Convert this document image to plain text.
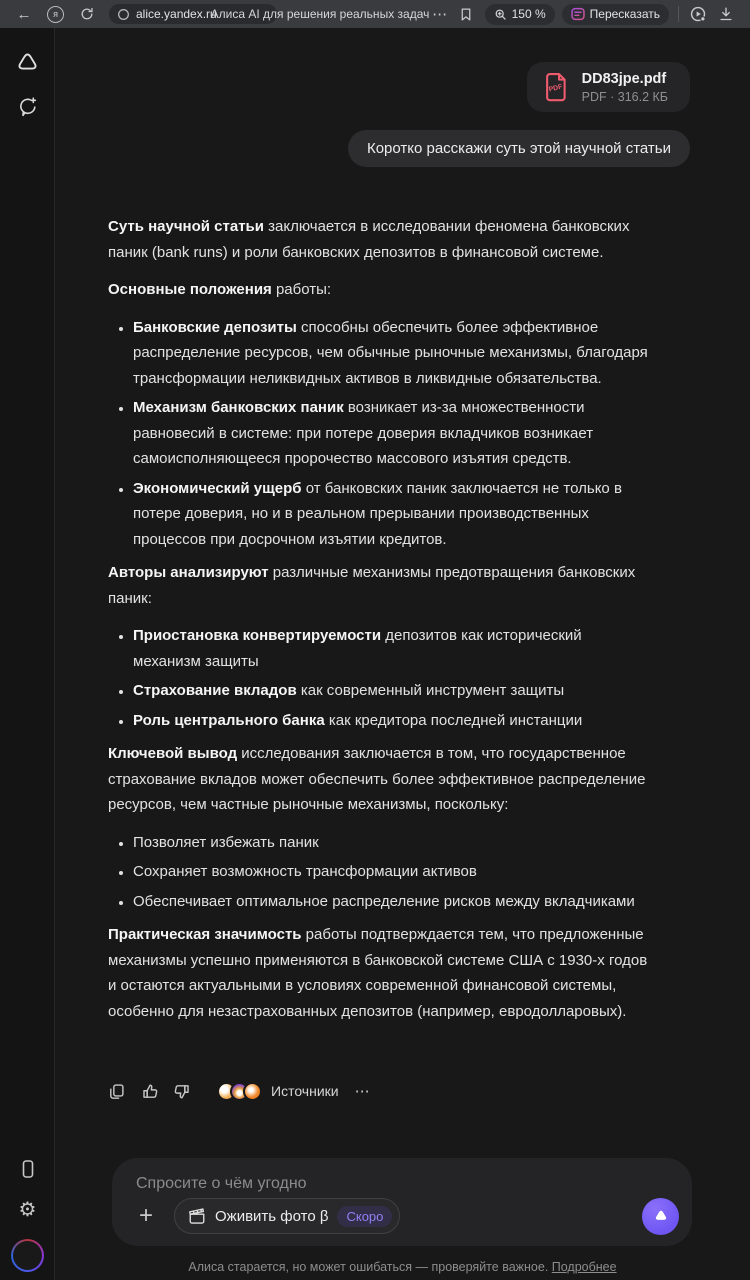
←	я	alice.yandex.ru
Алиса AI для решения реальных задач ⋯	150 %	Пересказать
⚙
PDF
DD83jpe.pdf
PDF · 316.2 КБ
Коротко расскажи суть этой научной статьи

Суть научной статьи заключается в исследовании феномена банковских паник (bank runs) и роли банковских депозитов в финансовой системе.

Основные положения работы:

• Банковские депозиты способны обеспечить более эффективное распределение ресурсов, чем обычные рыночные механизмы, благодаря трансформации неликвидных активов в ликвидные обязательства.
• Механизм банковских паник возникает из-за множественности равновесий в системе: при потере доверия вкладчиков возникает самоисполняющееся пророчество массового изъятия средств.
• Экономический ущерб от банковских паник заключается не только в потере доверия, но и в реальном прерывании производственных процессов при досрочном изъятии кредитов.

Авторы анализируют различные механизмы предотвращения банковских паник:

• Приостановка конвертируемости депозитов как исторический механизм защиты
• Страхование вкладов как современный инструмент защиты
• Роль центрального банка как кредитора последней инстанции

Ключевой вывод исследования заключается в том, что государственное страхование вкладов может обеспечить более эффективное распределение ресурсов, чем частные рыночные механизмы, поскольку:

• Позволяет избежать паник
• Сохраняет возможность трансформации активов
• Обеспечивает оптимальное распределение рисков между вкладчиками

Практическая значимость работы подтверждается тем, что предложенные механизмы успешно применяются в банковской системе США с 1930-х годов и остаются актуальными в условиях современной финансовой системы, особенно для незастрахованных депозитов (например, евродолларовых).

Источники ⋯
Спросите о чём угодно
+	Оживить фото β	Скоро
Алиса старается, но может ошибаться — проверяйте важное. Подробнее
